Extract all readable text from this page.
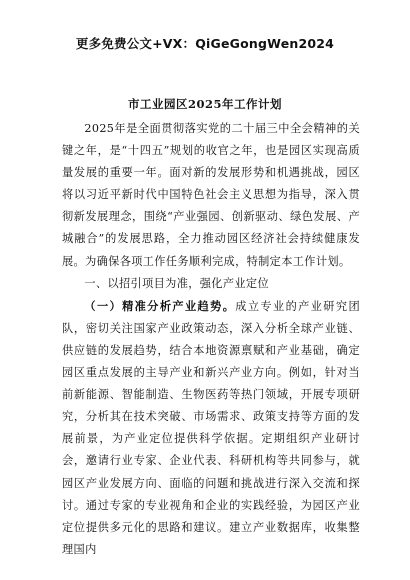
更多免费公文+VX：QiGeGongWen2024
市工业园区2025年工作计划

2025年是全面贯彻落实党的二十届三中全会精神的关键之年，是“十四五”规划的收官之年，也是园区实现高质量发展的重要一年。面对新的发展形势和机遇挑战，园区将以习近平新时代中国特色社会主义思想为指导，深入贯彻新发展理念，围绕“产业强园、创新驱动、绿色发展、产城融合”的发展思路，全力推动园区经济社会持续健康发展。为确保各项工作任务顺利完成，特制定本工作计划。

一、以招引项目为准，强化产业定位

（一）精准分析产业趋势。成立专业的产业研究团队，密切关注国家产业政策动态，深入分析全球产业链、供应链的发展趋势，结合本地资源禀赋和产业基础，确定园区重点发展的主导产业和新兴产业方向。例如，针对当前新能源、智能制造、生物医药等热门领域，开展专项研究，分析其在技术突破、市场需求、政策支持等方面的发展前景，为产业定位提供科学依据。定期组织产业研讨会，邀请行业专家、企业代表、科研机构等共同参与，就园区产业发展方向、面临的问题和挑战进行深入交流和探讨。通过专家的专业视角和企业的实践经验，为园区产业定位提供多元化的思路和建议。建立产业数据库，收集整理国内
